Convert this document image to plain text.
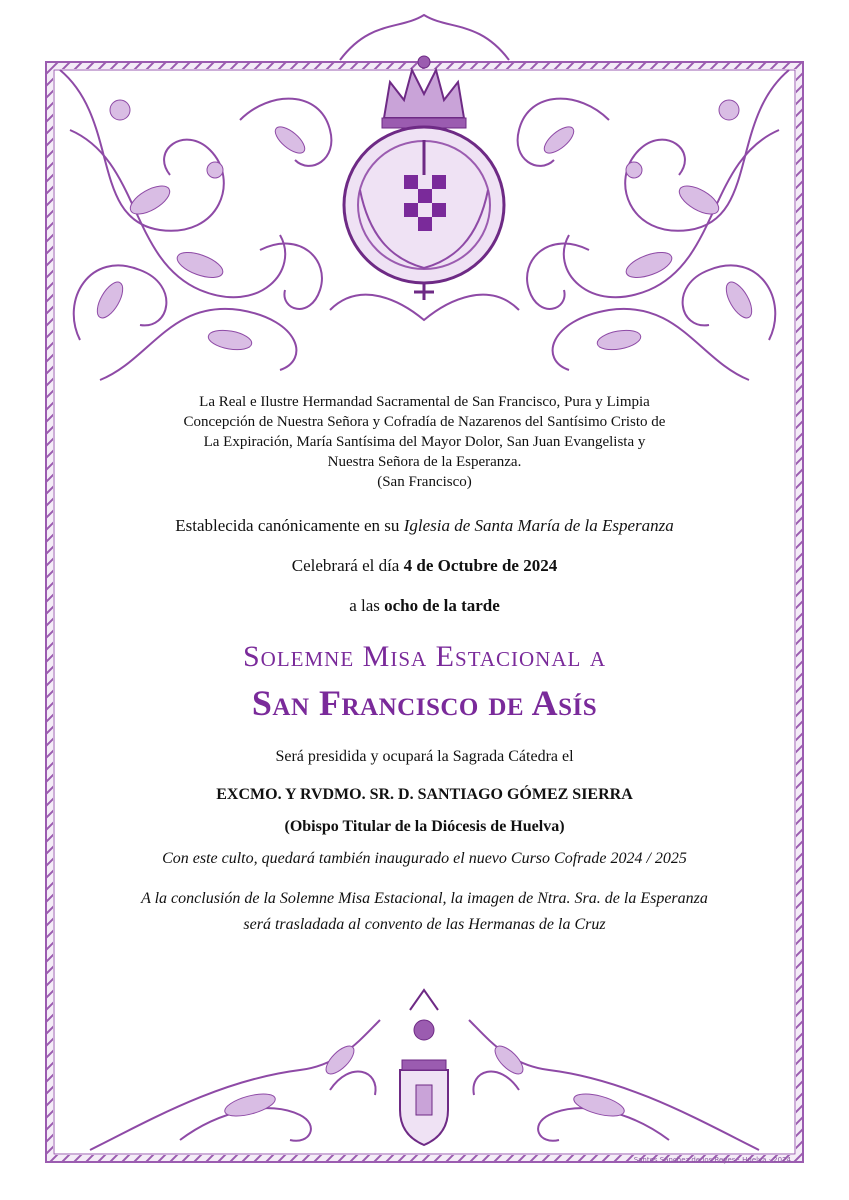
La Real e Ilustre Hermandad Sacramental de San Francisco, Pura y Limpia
Concepción de Nuestra Señora y Cofradía de Nazarenos del Santísimo Cristo de
La Expiración, María Santísima del Mayor Dolor, San Juan Evangelista y
Nuestra Señora de la Esperanza.
(San Francisco)

Establecida canónicamente en su Iglesia de Santa María de la Esperanza

Celebrará el día 4 de Octubre de 2024

a las ocho de la tarde

Solemne Misa Estacional a
San Francisco de Asís

Será presidida y ocupará la Sagrada Cátedra el

EXCMO. Y RVDMO. SR. D. SANTIAGO GÓMEZ SIERRA

(Obispo Titular de la Diócesis de Huelva)

Con este culto, quedará también inaugurado el nuevo Curso Cofrade 2024 / 2025

A la conclusión de la Solemne Misa Estacional, la imagen de Ntra. Sra. de la Esperanza
será trasladada al convento de las Hermanas de la Cruz

Santos Sánchez de los Reyes · Huelva · 2024
